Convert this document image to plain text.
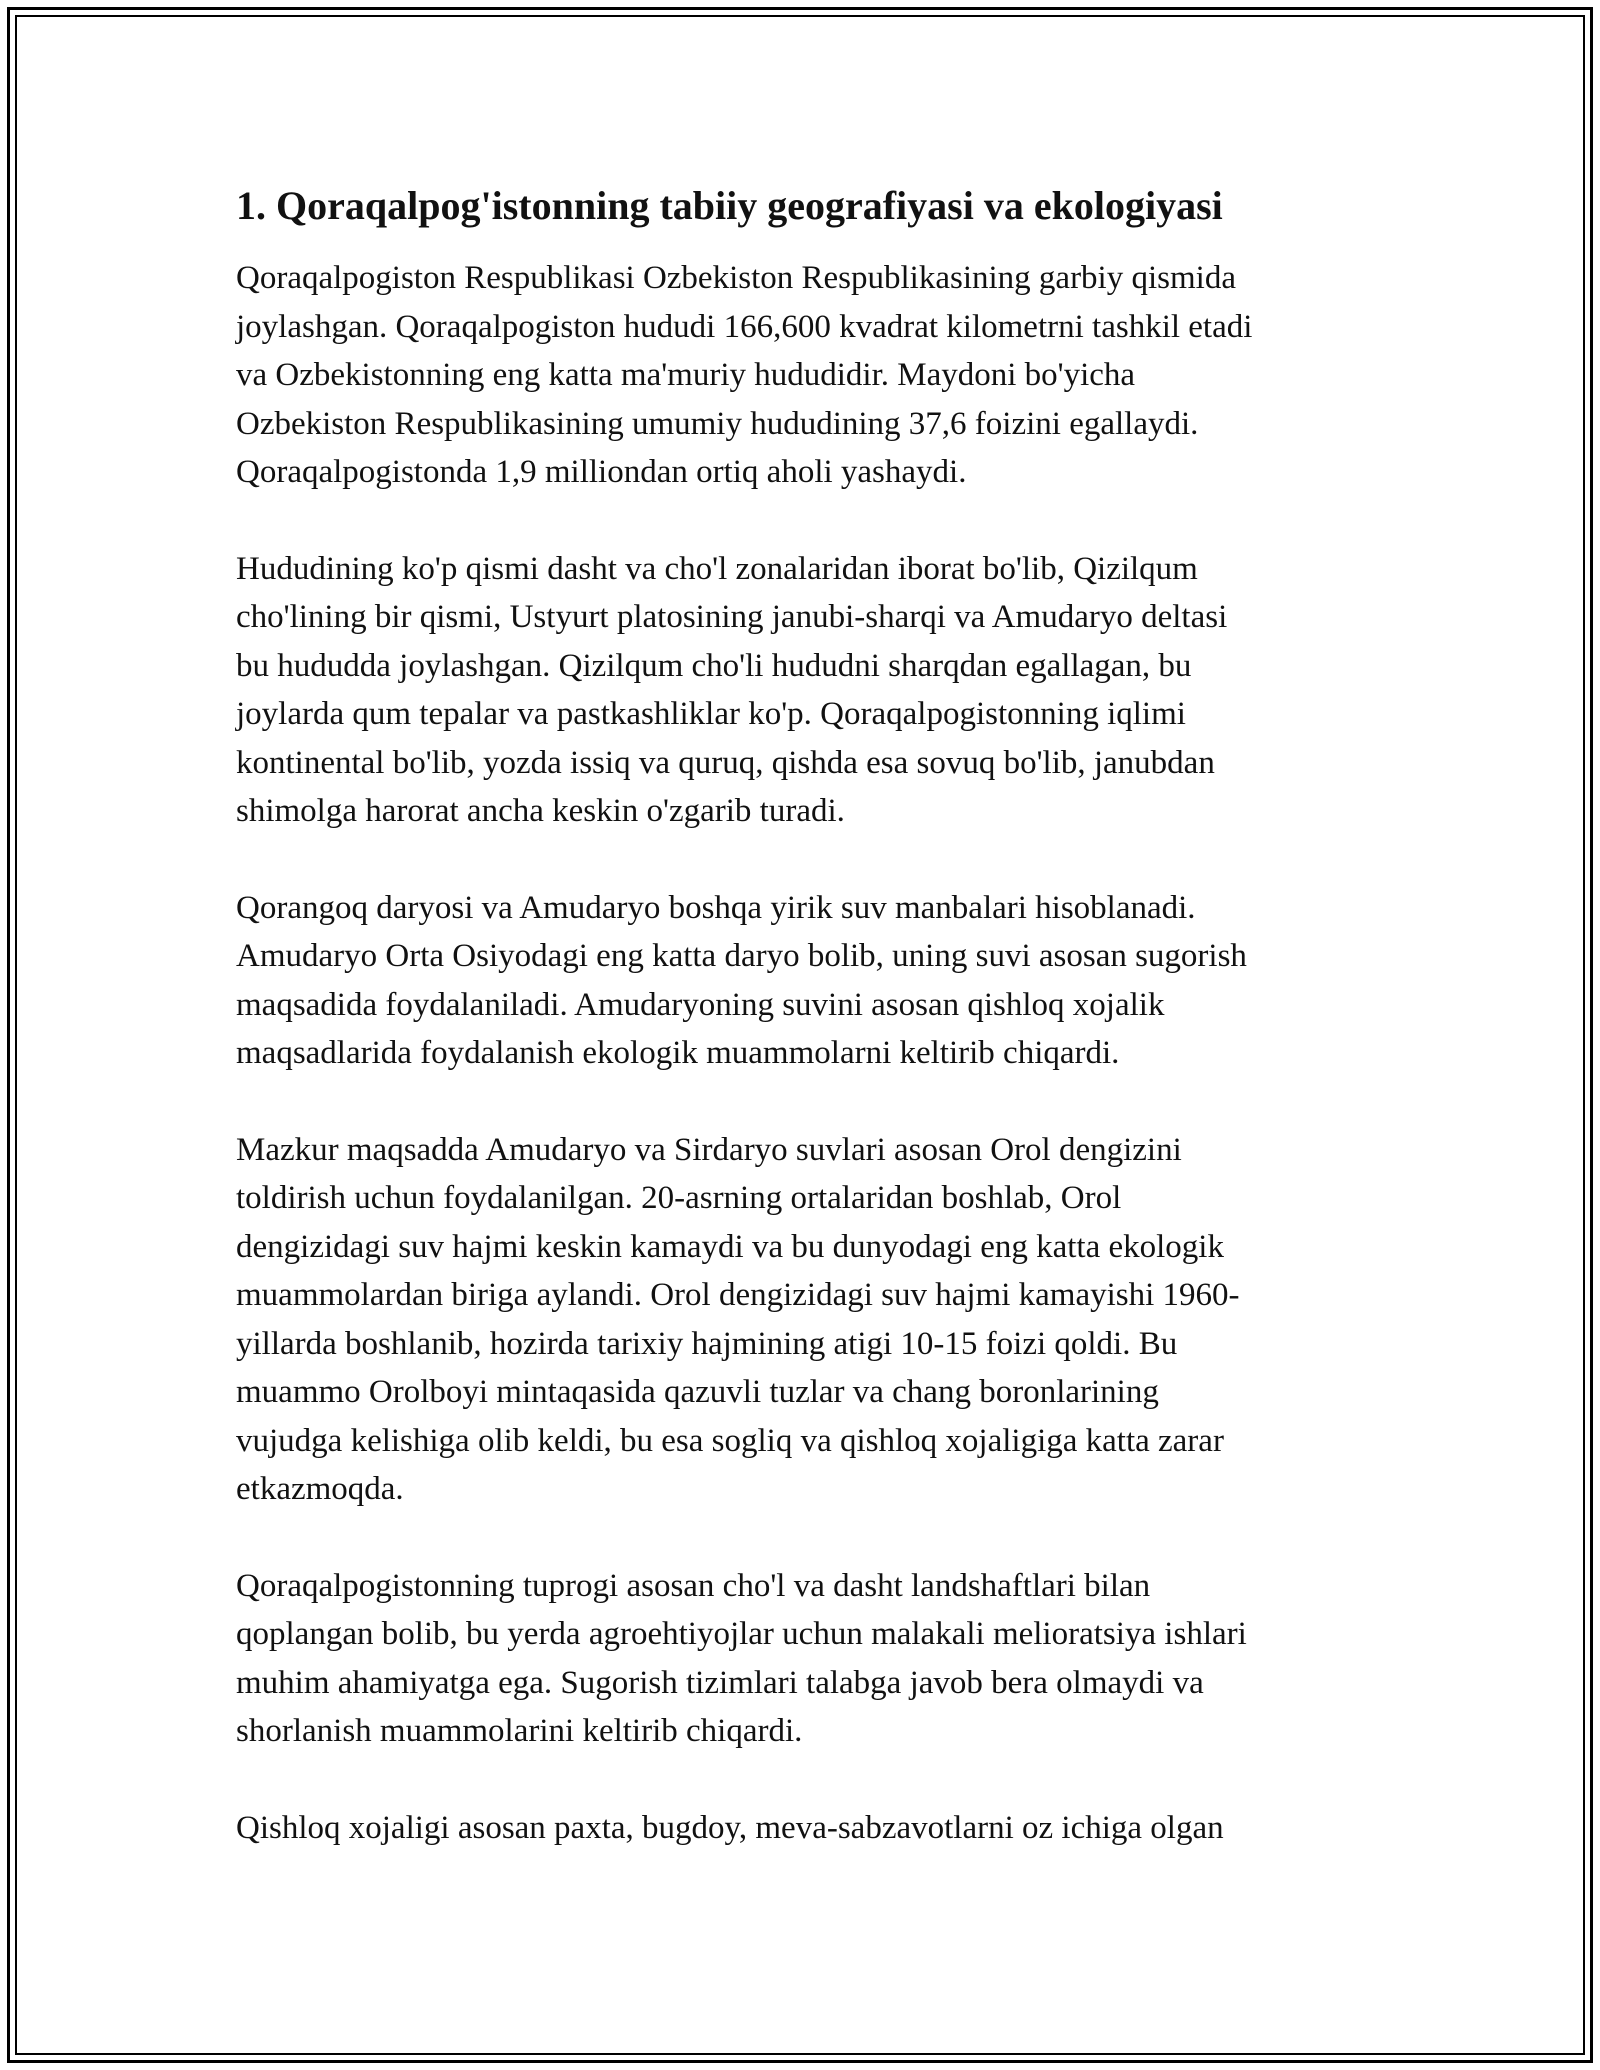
1. Qoraqalpog'istonning tabiiy geografiyasi va ekologiyasi

Qoraqalpogiston Respublikasi Ozbekiston Respublikasining garbiy qismida
joylashgan. Qoraqalpogiston hududi 166,600 kvadrat kilometrni tashkil etadi
va Ozbekistonning eng katta ma'muriy hududidir. Maydoni bo'yicha
Ozbekiston Respublikasining umumiy hududining 37,6 foizini egallaydi.
Qoraqalpogistonda 1,9 milliondan ortiq aholi yashaydi.

Hududining ko'p qismi dasht va cho'l zonalaridan iborat bo'lib, Qizilqum
cho'lining bir qismi, Ustyurt platosining janubi-sharqi va Amudaryo deltasi
bu hududda joylashgan. Qizilqum cho'li hududni sharqdan egallagan, bu
joylarda qum tepalar va pastkashliklar ko'p. Qoraqalpogistonning iqlimi
kontinental bo'lib, yozda issiq va quruq, qishda esa sovuq bo'lib, janubdan
shimolga harorat ancha keskin o'zgarib turadi.

Qorangoq daryosi va Amudaryo boshqa yirik suv manbalari hisoblanadi.
Amudaryo Orta Osiyodagi eng katta daryo bolib, uning suvi asosan sugorish
maqsadida foydalaniladi. Amudaryoning suvini asosan qishloq xojalik
maqsadlarida foydalanish ekologik muammolarni keltirib chiqardi.

Mazkur maqsadda Amudaryo va Sirdaryo suvlari asosan Orol dengizini
toldirish uchun foydalanilgan. 20-asrning ortalaridan boshlab, Orol
dengizidagi suv hajmi keskin kamaydi va bu dunyodagi eng katta ekologik
muammolardan biriga aylandi. Orol dengizidagi suv hajmi kamayishi 1960-
yillarda boshlanib, hozirda tarixiy hajmining atigi 10-15 foizi qoldi. Bu
muammo Orolboyi mintaqasida qazuvli tuzlar va chang boronlarining
vujudga kelishiga olib keldi, bu esa sogliq va qishloq xojaligiga katta zarar
etkazmoqda.

Qoraqalpogistonning tuprogi asosan cho'l va dasht landshaftlari bilan
qoplangan bolib, bu yerda agroehtiyojlar uchun malakali melioratsiya ishlari
muhim ahamiyatga ega. Sugorish tizimlari talabga javob bera olmaydi va
shorlanish muammolarini keltirib chiqardi.

Qishloq xojaligi asosan paxta, bugdoy, meva-sabzavotlarni oz ichiga olgan
